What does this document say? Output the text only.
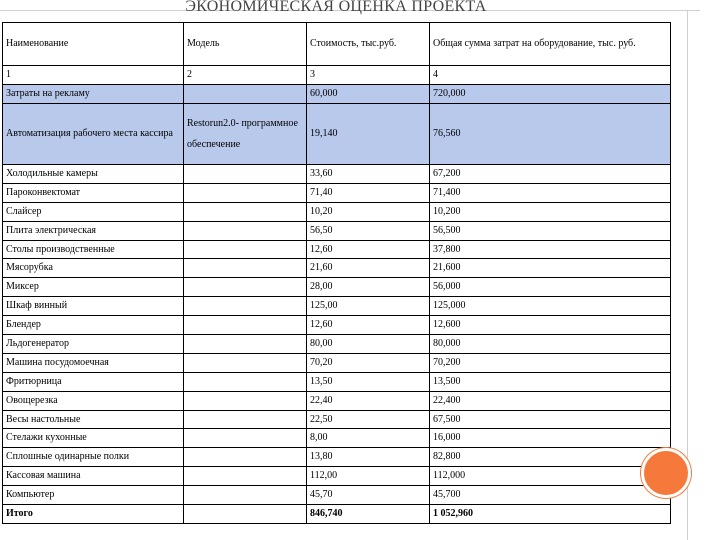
ЭКОНОМИЧЕСКАЯ ОЦЕНКА ПРОЕКТА
Наименование	Модель	Стоимость, тыс.руб.	Общая сумма затрат на оборудование, тыс. руб.
1	2	3	4
Затраты на рекламу		60,000	720,000
Автоматизация рабочего места кассира	Restorun2.0- программное обеспечение	19,140	76,560
Холодильные камеры		33,60	67,200
Пароконвектомат		71,40	71,400
Слайсер		10,20	10,200
Плита электрическая		56,50	56,500
Столы производственные		12,60	37,800
Мясорубка		21,60	21,600
Миксер		28,00	56,000
Шкаф винный		125,00	125,000
Блендер		12,60	12,600
Льдогенератор		80,00	80,000
Машина посудомоечная		70,20	70,200
Фритюрница		13,50	13,500
Овощерезка		22,40	22,400
Весы настольные		22,50	67,500
Стелажи кухонные		8,00	16,000
Сплошные одинарные полки		13,80	82,800
Кассовая машина		112,00	112,000
Компьютер		45,70	45,700
Итого		846,740	1 052,960
